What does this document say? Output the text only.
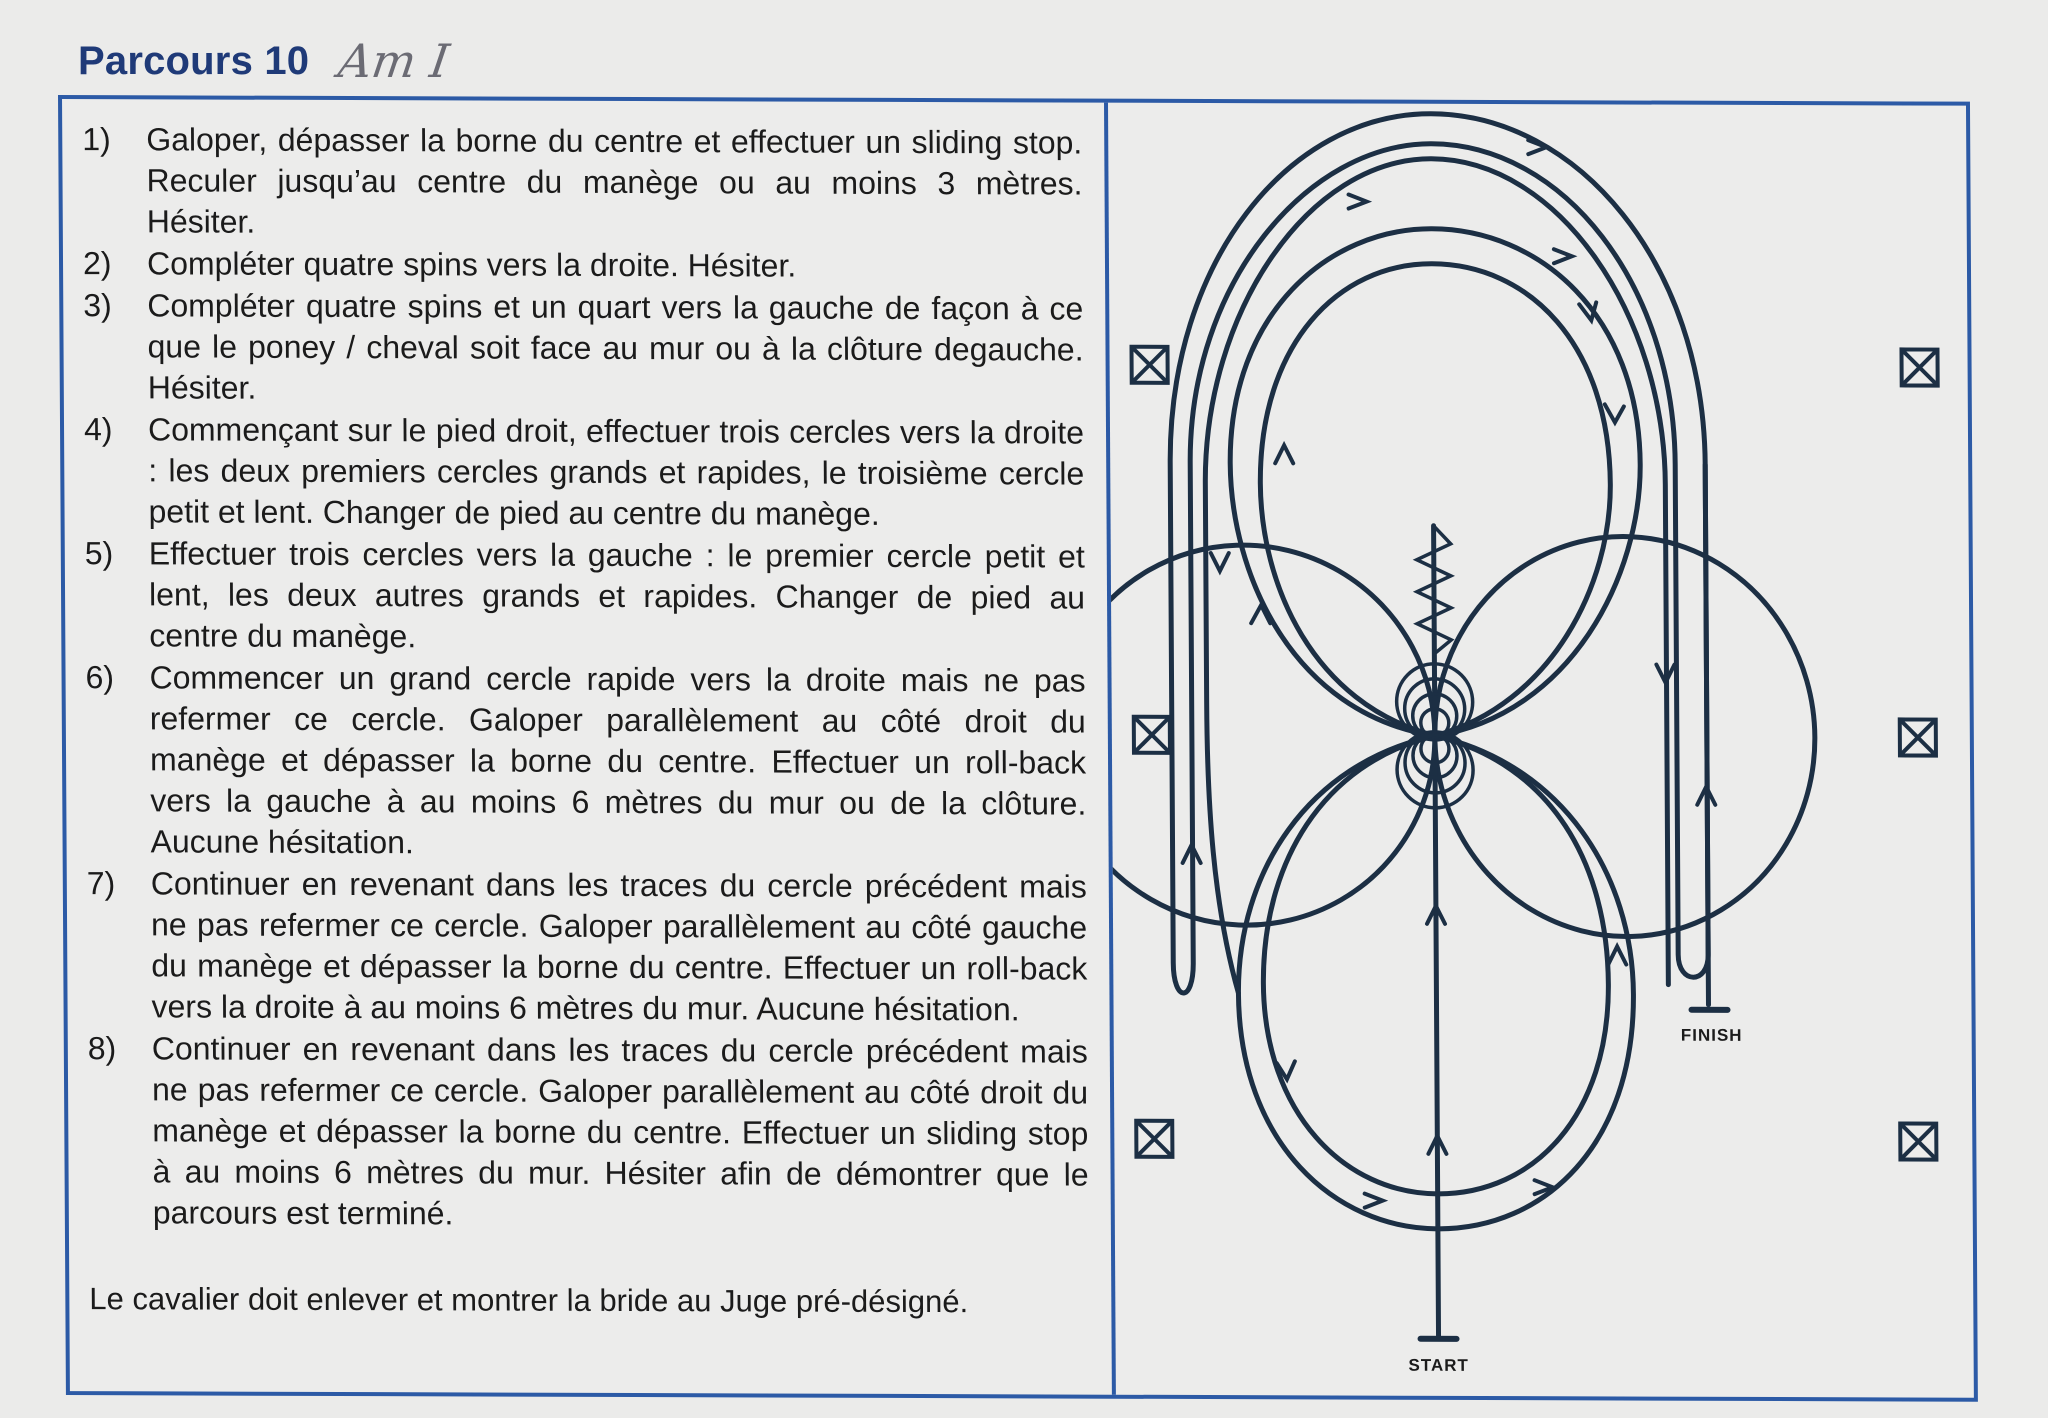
Parcours 10 Am I
1)	Galoper, dépasser la borne du centre et effectuer un sliding stop. Reculer jusqu’au centre du manège ou au moins 3 mètres. Hésiter.
2)	Compléter quatre spins vers la droite. Hésiter.
3)	Compléter quatre spins et un quart vers la gauche de façon à ce que le poney / cheval soit face au mur ou à la clôture degauche. Hésiter.
4)	Commençant sur le pied droit, effectuer trois cercles vers la droite : les deux premiers cercles grands et rapides, le troisième cercle petit et lent. Changer de pied au centre du manège.
5)	Effectuer trois cercles vers la gauche : le premier cercle petit et lent, les deux autres grands et rapides. Changer de pied au centre du manège.
6)	Commencer un grand cercle rapide vers la droite mais ne pas refermer ce cercle. Galoper parallèlement au côté droit du manège et dépasser la borne du centre. Effectuer un roll-back vers la gauche à au moins 6 mètres du mur ou de la clôture. Aucune hésitation.
7)	Continuer en revenant dans les traces du cercle précédent mais ne pas refermer ce cercle. Galoper parallèlement au côté gauche du manège et dépasser la borne du centre. Effectuer un roll-back vers la droite à au moins 6 mètres du mur. Aucune hésitation.
8)	Continuer en revenant dans les traces du cercle précédent mais ne pas refermer ce cercle. Galoper parallèlement au côté droit du manège et dépasser la borne du centre. Effectuer un sliding stop à au moins 6 mètres du mur. Hésiter afin de démontrer que le parcours est terminé.
Le cavalier doit enlever et montrer la bride au Juge pré-désigné.
START
FINISH
